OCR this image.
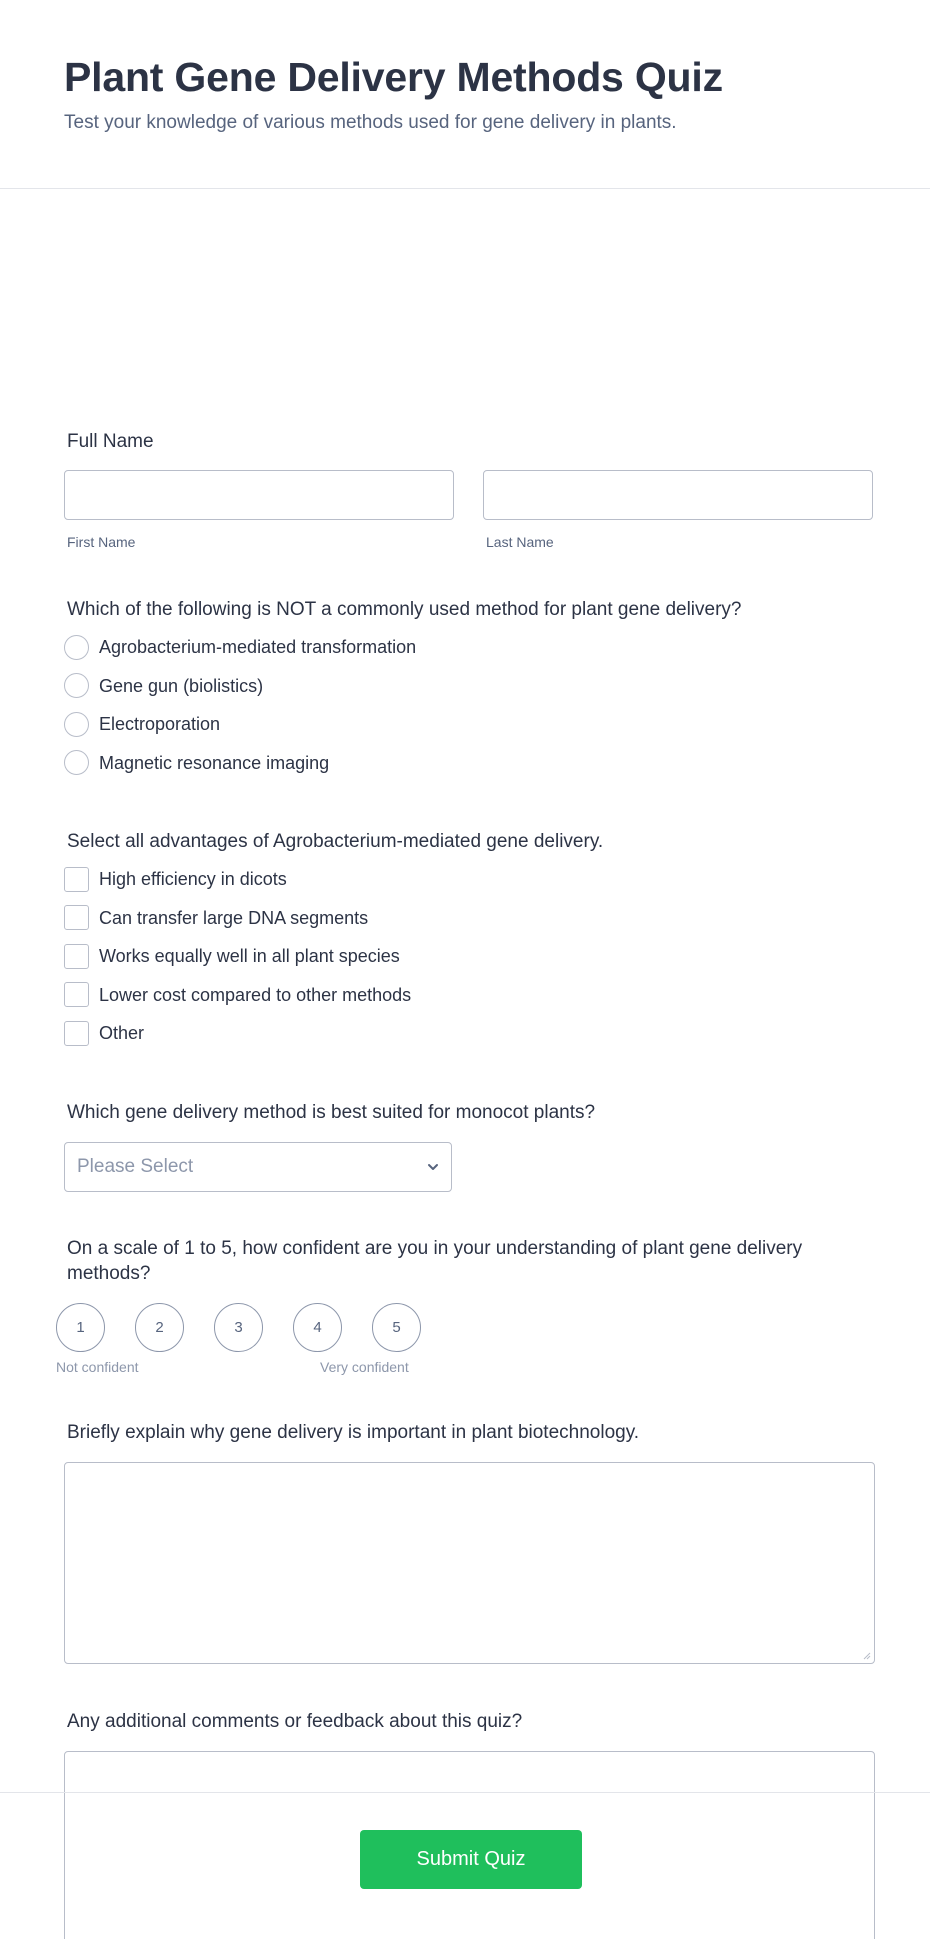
Plant Gene Delivery Methods Quiz
Test your knowledge of various methods used for gene delivery in plants.
Full Name
First Name	Last Name
Which of the following is NOT a commonly used method for plant gene delivery?
Agrobacterium-mediated transformation
Gene gun (biolistics)
Electroporation
Magnetic resonance imaging
Select all advantages of Agrobacterium-mediated gene delivery.
High efficiency in dicots
Can transfer large DNA segments
Works equally well in all plant species
Lower cost compared to other methods
Other
Which gene delivery method is best suited for monocot plants?
Please Select
On a scale of 1 to 5, how confident are you in your understanding of plant gene delivery methods?
1	2	3	4	5
Not confident	Very confident
Briefly explain why gene delivery is important in plant biotechnology.
Any additional comments or feedback about this quiz?
Submit Quiz
